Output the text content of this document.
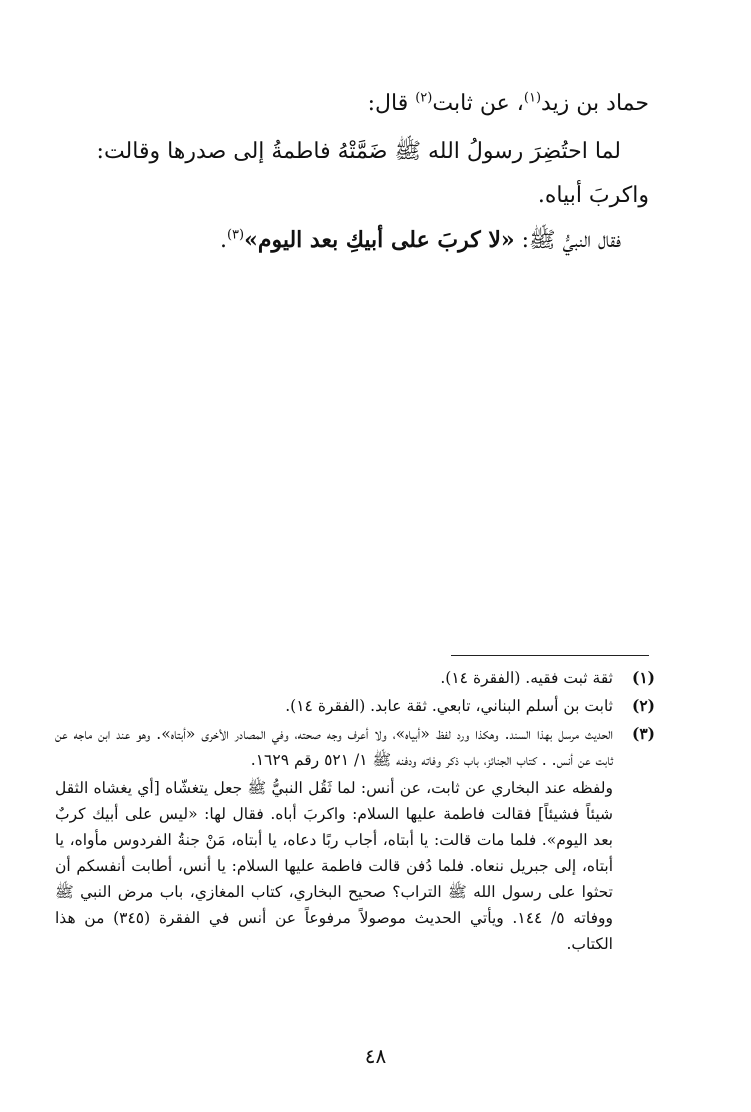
حماد بن زيد$^{(١)}$، عن ثابت$^{(٢)}$ قال:
لما احتُضِرَ رسولُ الله ﷺ ضَمَّتْهُ فاطمةُ إلى صدرها وقالت:
واكربَ أبياه.
فقال النبيُّ ﷺ: «لا كربَ على أبيكِ بعد اليوم»$^{(٣)}$.
(١)

ثقة ثبت فقيه. (الفقرة ١٤).

(٢)

ثابت بن أسلم البناني، تابعي. ثقة عابد. (الفقرة ١٤).

(٣)

الحديث مرسل بهذا السند. وهكذا ورد لفظ «أبياه»، ولا أعرف وجه صحته، وفي المصادر الأخرى «أبتاه». وهو عند ابن ماجه عن ثابت عن أنس. . كتاب الجنائز، باب ذكر وفاته ودفنه ﷺ ١/ ٥٢١ رقم ١٦٢٩.

ولفظه عند البخاري عن ثابت، عن أنس: لما ثَقُل النبيُّ ﷺ جعل يتغشّاه [أي يغشاه الثقل شيئاً فشيئاً] فقالت فاطمة عليها السلام: واكربَ أباه. فقال لها: «ليس على أبيك كربٌ بعد اليوم». فلما مات قالت: يا أبتاه، أجاب ربًا دعاه، يا أبتاه، مَنْ جنةُ الفردوس مأواه، يا أبتاه، إلى جبريل ننعاه. فلما دُفن قالت فاطمة عليها السلام: يا أنس، أطابت أنفسكم أن تحثوا على رسول الله ﷺ التراب؟ صحيح البخاري، كتاب المغازي، باب مرض النبي ﷺ ووفاته ٥/ ١٤٤. ويأتي الحديث موصولاً مرفوعاً عن أنس في الفقرة (٣٤٥) من هذا الكتاب.

٤٨
